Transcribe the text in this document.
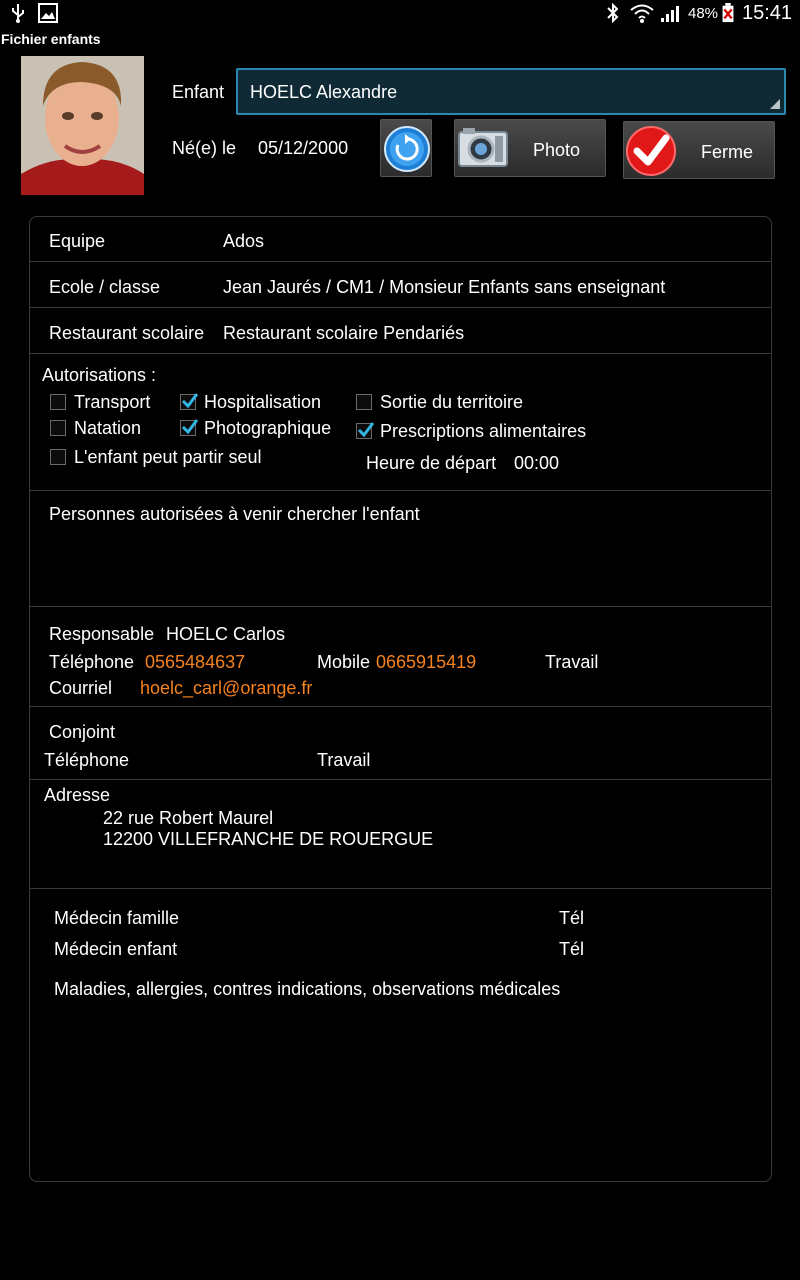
48% 15:41
Fichier enfants
Enfant HOELC Alexandre
Né(e) le 05/12/2000	Photo	Ferme
Equipe	Ados
Ecole / classe	Jean Jaurés / CM1 / Monsieur Enfants sans enseignant
Restaurant scolaire Restaurant scolaire Pendariés
Autorisations :
Transport	Hospitalisation	Sortie du territoire
Natation	Photographique	Prescriptions alimentaires
L'enfant peut partir seul	Heure de départ 00:00
Personnes autorisées à venir chercher l'enfant
Responsable HOELC Carlos
Téléphone 0565484637	Mobile 0665915419	Travail
Courriel hoelc_carl@orange.fr
Conjoint
Téléphone	Travail
Adresse
22 rue Robert Maurel
12200 VILLEFRANCHE DE ROUERGUE
Médecin famille	Tél
Médecin enfant	Tél
Maladies, allergies, contres indications, observations médicales
